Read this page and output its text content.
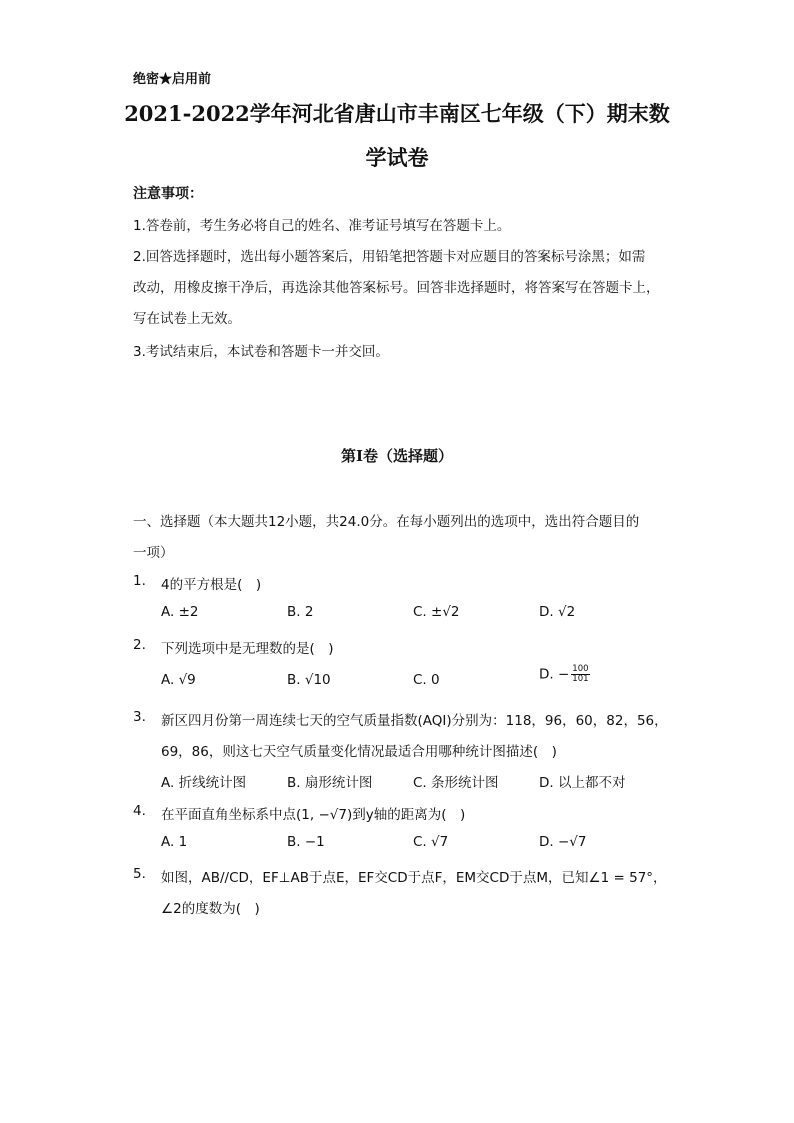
绝密★启用前
2021-2022学年河北省唐山市丰南区七年级（下）期末数
学试卷
注意事项：
1.答卷前，考生务必将自己的姓名、准考证号填写在答题卡上。
2.回答选择题时，选出每小题答案后，用铅笔把答题卡对应题目的答案标号涂黑；如需
改动，用橡皮擦干净后，再选涂其他答案标号。回答非选择题时，将答案写在答题卡上，
写在试卷上无效。
3.考试结束后，本试卷和答题卡一并交回。
第I卷（选择题）
一、选择题（本大题共12小题，共24.0分。在每小题列出的选项中，选出符合题目的
一项）
1. 4的平方根是(　)
A. ±2	B. 2	C. ±√2	D. √2
2. 下列选项中是无理数的是(　)
A. √9	B. √10	C. 0	D. − $\frac{100}{101}$
3. 新区四月份第一周连续七天的空气质量指数(AQI)分别为：118，96，60，82，56，
69，86，则这七天空气质量变化情况最适合用哪种统计图描述(　)
A. 折线统计图	B. 扇形统计图	C. 条形统计图	D. 以上都不对
4. 在平面直角坐标系中点(1, −√7)到y轴的距离为(　)
A. 1	B. −1	C. √7	D. −√7
5. 如图，AB//CD，EF⊥AB于点E，EF交CD于点F，EM交CD于点M，已知∠1 = 57°，
∠2的度数为(　)
